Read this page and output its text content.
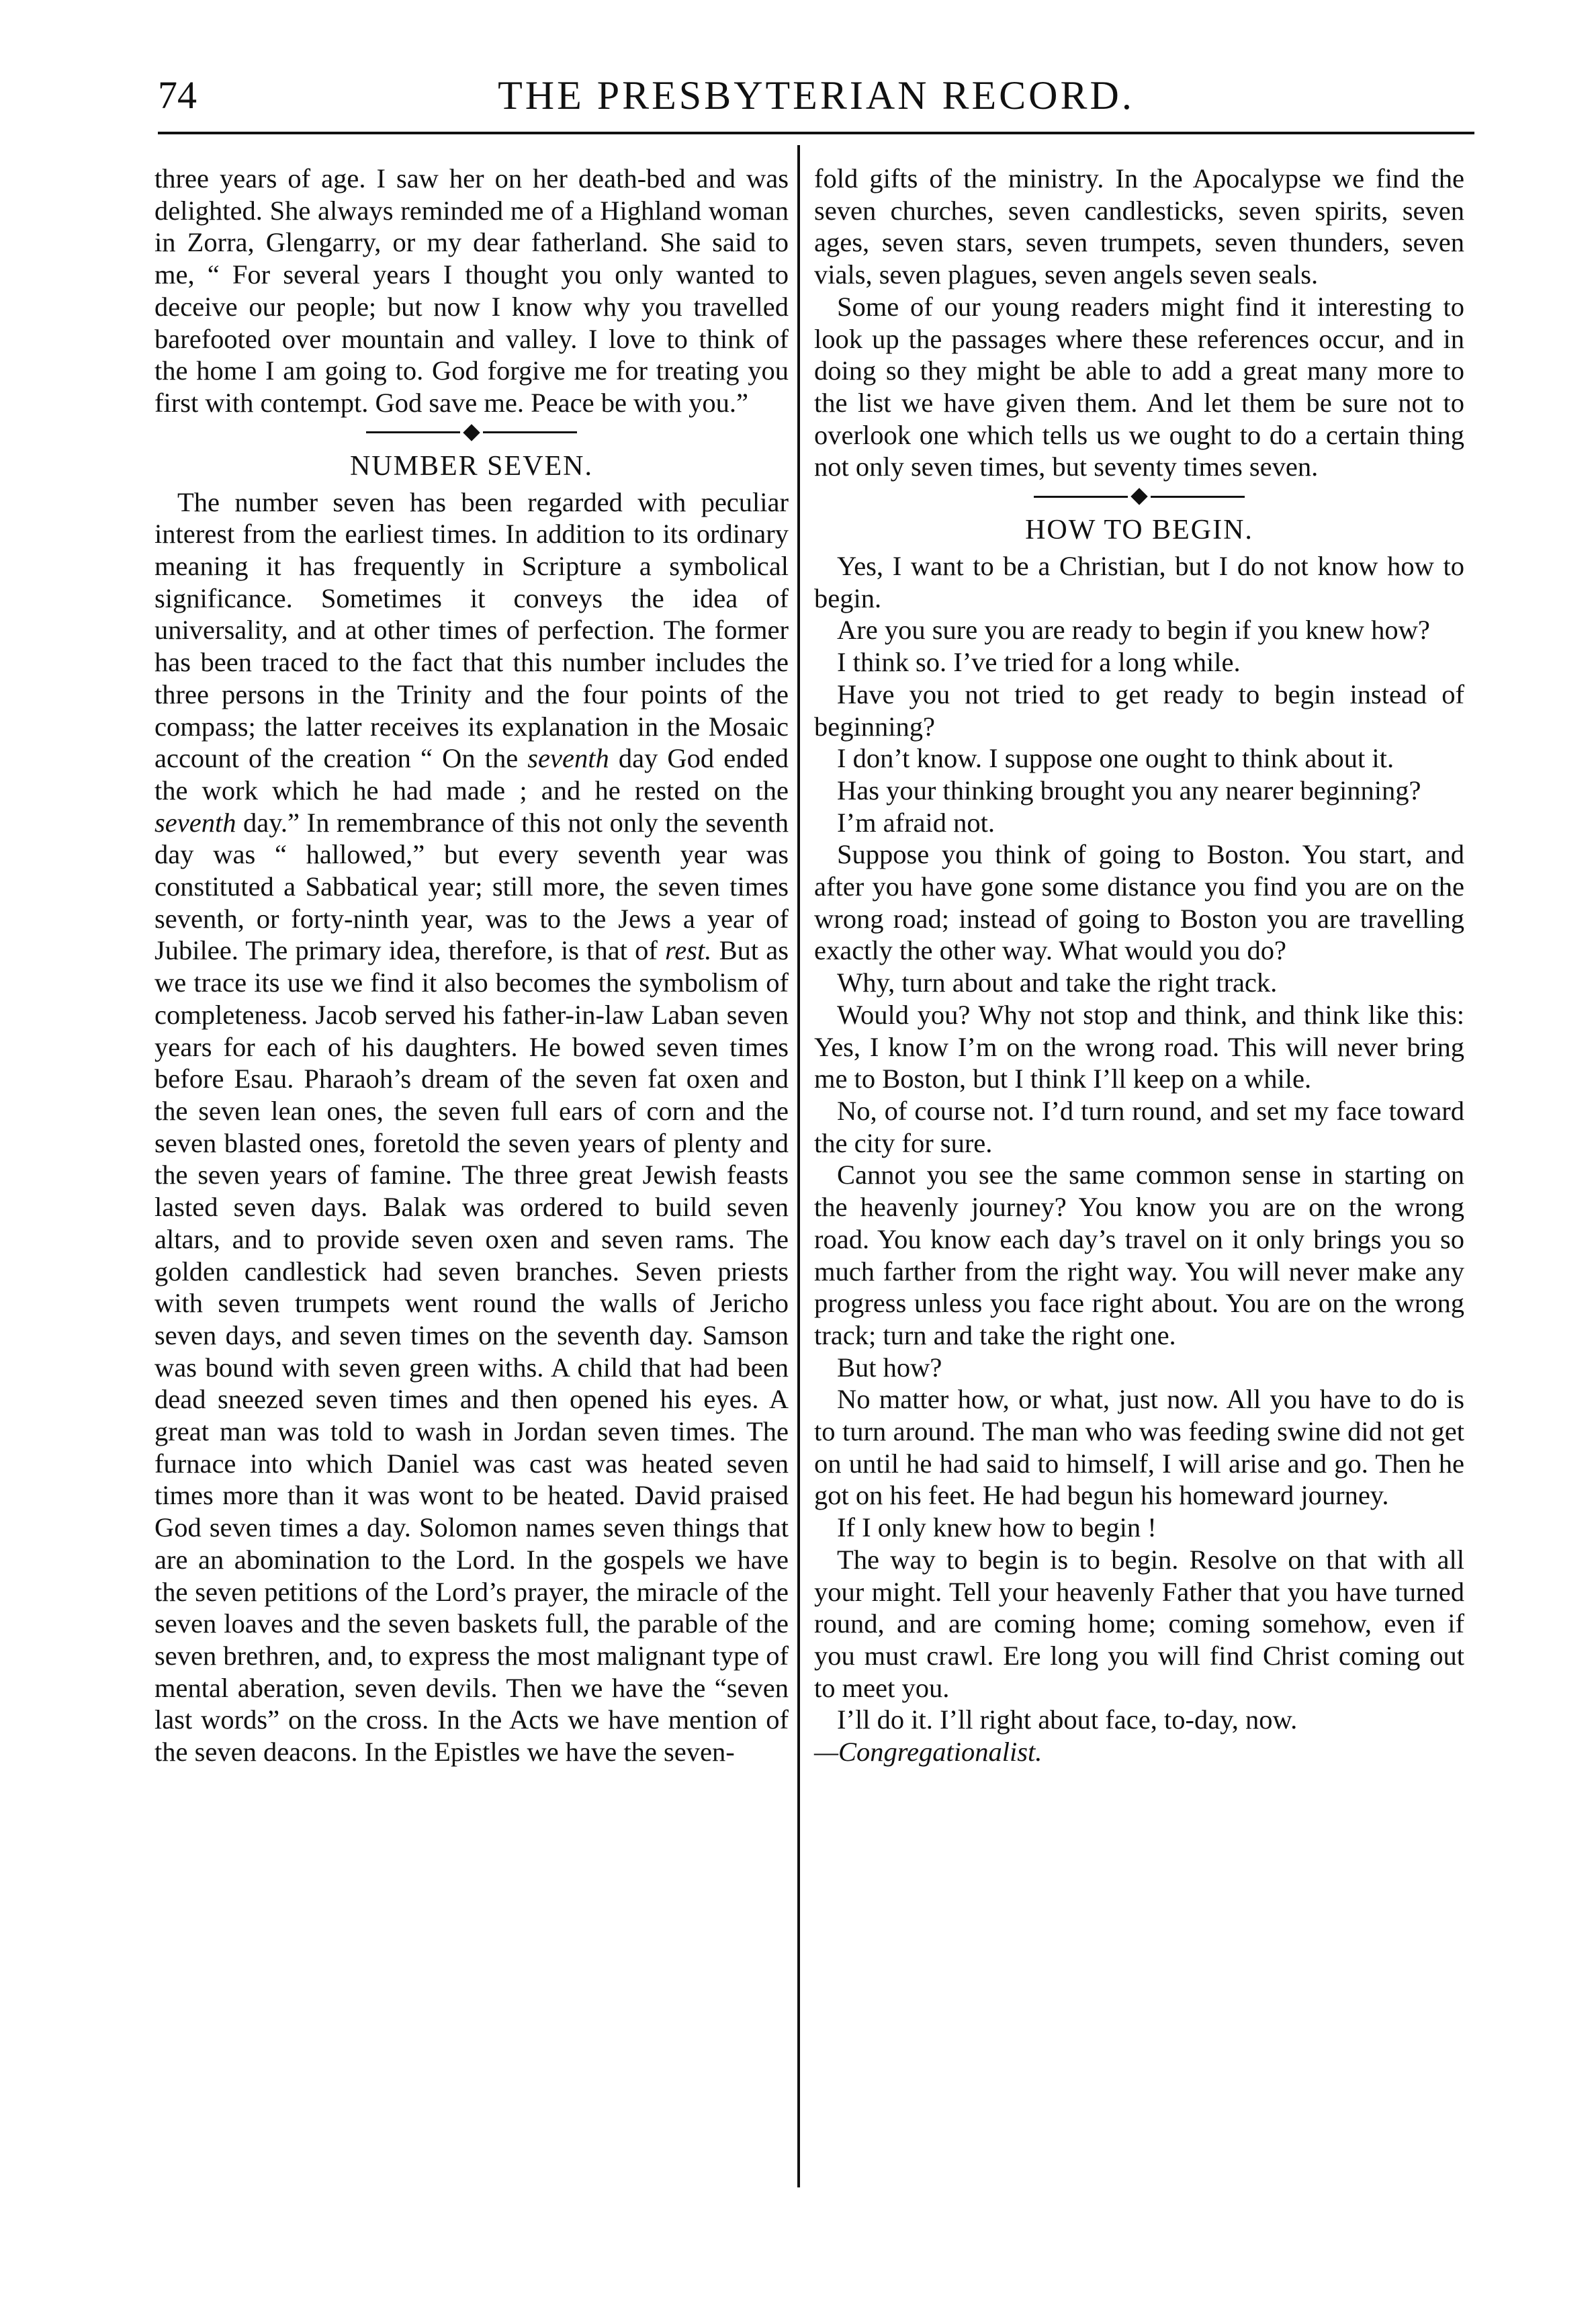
74	THE PRESBYTERIAN RECORD.

three years of age. I saw her on her death-bed and was delighted. She always reminded me of a Highland woman in Zorra, Glengarry, or my dear fatherland. She said to me, “ For several years I thought you only wanted to deceive our people; but now I know why you travelled barefooted over mountain and valley. I love to think of the home I am going to. God forgive me for treating you first with contempt. God save me. Peace be with you.”

NUMBER SEVEN.

The number seven has been regarded with peculiar interest from the earliest times. In addition to its ordinary meaning it has frequently in Scripture a symbolical significance. Sometimes it conveys the idea of universality, and at other times of perfection. The former has been traced to the fact that this number includes the three persons in the Trinity and the four points of the compass; the latter receives its explanation in the Mosaic account of the creation “ On the seventh day God ended the work which he had made ; and he rested on the seventh day.” In remembrance of this not only the seventh day was “ hallowed,” but every seventh year was constituted a Sabbatical year; still more, the seven times seventh, or forty-ninth year, was to the Jews a year of Jubilee. The primary idea, therefore, is that of rest. But as we trace its use we find it also becomes the symbolism of completeness. Jacob served his father-in-law Laban seven years for each of his daughters. He bowed seven times before Esau. Pharaoh’s dream of the seven fat oxen and the seven lean ones, the seven full ears of corn and the seven blasted ones, foretold the seven years of plenty and the seven years of famine. The three great Jewish feasts lasted seven days. Balak was ordered to build seven altars, and to provide seven oxen and seven rams. The golden candlestick had seven branches. Seven priests with seven trumpets went round the walls of Jericho seven days, and seven times on the seventh day. Samson was bound with seven green withs. A child that had been dead sneezed seven times and then opened his eyes. A great man was told to wash in Jordan seven times. The furnace into which Daniel was cast was heated seven times more than it was wont to be heated. David praised God seven times a day. Solomon names seven things that are an abomination to the Lord. In the gospels we have the seven petitions of the Lord’s prayer, the miracle of the seven loaves and the seven baskets full, the parable of the seven brethren, and, to express the most malignant type of mental aberation, seven devils. Then we have the “seven last words” on the cross. In the Acts we have mention of the seven deacons. In the Epistles we have the seven-

fold gifts of the ministry. In the Apocalypse we find the seven churches, seven candlesticks, seven spirits, seven ages, seven stars, seven trumpets, seven thunders, seven vials, seven plagues, seven angels seven seals.

Some of our young readers might find it interesting to look up the passages where these references occur, and in doing so they might be able to add a great many more to the list we have given them. And let them be sure not to overlook one which tells us we ought to do a certain thing not only seven times, but seventy times seven.

HOW TO BEGIN.

Yes, I want to be a Christian, but I do not know how to begin.

Are you sure you are ready to begin if you knew how?

I think so. I’ve tried for a long while.

Have you not tried to get ready to begin instead of beginning?

I don’t know. I suppose one ought to think about it.

Has your thinking brought you any nearer beginning?

I’m afraid not.

Suppose you think of going to Boston. You start, and after you have gone some distance you find you are on the wrong road; instead of going to Boston you are travelling exactly the other way. What would you do?

Why, turn about and take the right track.

Would you? Why not stop and think, and think like this: Yes, I know I’m on the wrong road. This will never bring me to Boston, but I think I’ll keep on a while.

No, of course not. I’d turn round, and set my face toward the city for sure.

Cannot you see the same common sense in starting on the heavenly journey? You know you are on the wrong road. You know each day’s travel on it only brings you so much farther from the right way. You will never make any progress unless you face right about. You are on the wrong track; turn and take the right one.

But how?

No matter how, or what, just now. All you have to do is to turn around. The man who was feeding swine did not get on until he had said to himself, I will arise and go. Then he got on his feet. He had begun his homeward journey.

If I only knew how to begin !

The way to begin is to begin. Resolve on that with all your might. Tell your heavenly Father that you have turned round, and are coming home; coming somehow, even if you must crawl. Ere long you will find Christ coming out to meet you.

I’ll do it. I’ll right about face, to-day, now.

—Congregationalist.
